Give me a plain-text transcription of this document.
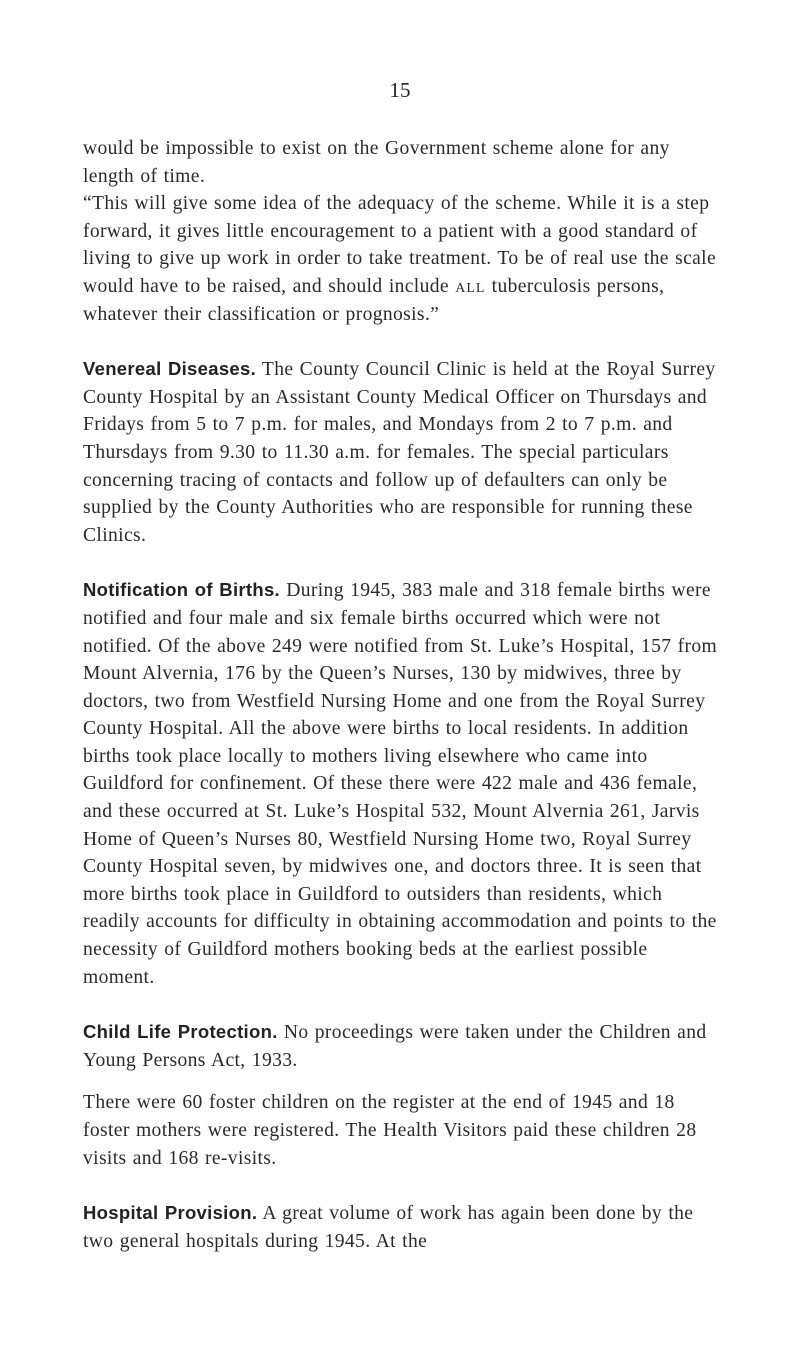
15

would be impossible to exist on the Government scheme alone for any length of time.

“This will give some idea of the adequacy of the scheme. While it is a step forward, it gives little encouragement to a patient with a good standard of living to give up work in order to take treatment. To be of real use the scale would have to be raised, and should include all tuberculosis persons, whatever their classification or prognosis.”

Venereal Diseases. The County Council Clinic is held at the Royal Surrey County Hospital by an Assistant County Medical Officer on Thursdays and Fridays from 5 to 7 p.m. for males, and Mondays from 2 to 7 p.m. and Thursdays from 9.30 to 11.30 a.m. for females. The special particulars concerning tracing of contacts and follow up of defaulters can only be supplied by the County Authorities who are responsible for running these Clinics.

Notification of Births. During 1945, 383 male and 318 female births were notified and four male and six female births occurred which were not notified. Of the above 249 were notified from St. Luke’s Hospital, 157 from Mount Alvernia, 176 by the Queen’s Nurses, 130 by midwives, three by doctors, two from Westfield Nursing Home and one from the Royal Surrey County Hospital. All the above were births to local residents. In addition births took place locally to mothers living elsewhere who came into Guildford for confinement. Of these there were 422 male and 436 female, and these occurred at St. Luke’s Hospital 532, Mount Alvernia 261, Jarvis Home of Queen’s Nurses 80, Westfield Nursing Home two, Royal Surrey County Hospital seven, by midwives one, and doctors three. It is seen that more births took place in Guildford to outsiders than residents, which readily accounts for difficulty in obtaining accommodation and points to the necessity of Guildford mothers booking beds at the earliest possible moment.

Child Life Protection. No proceedings were taken under the Children and Young Persons Act, 1933.

There were 60 foster children on the register at the end of 1945 and 18 foster mothers were registered. The Health Visitors paid these children 28 visits and 168 re-visits.

Hospital Provision. A great volume of work has again been done by the two general hospitals during 1945. At the
